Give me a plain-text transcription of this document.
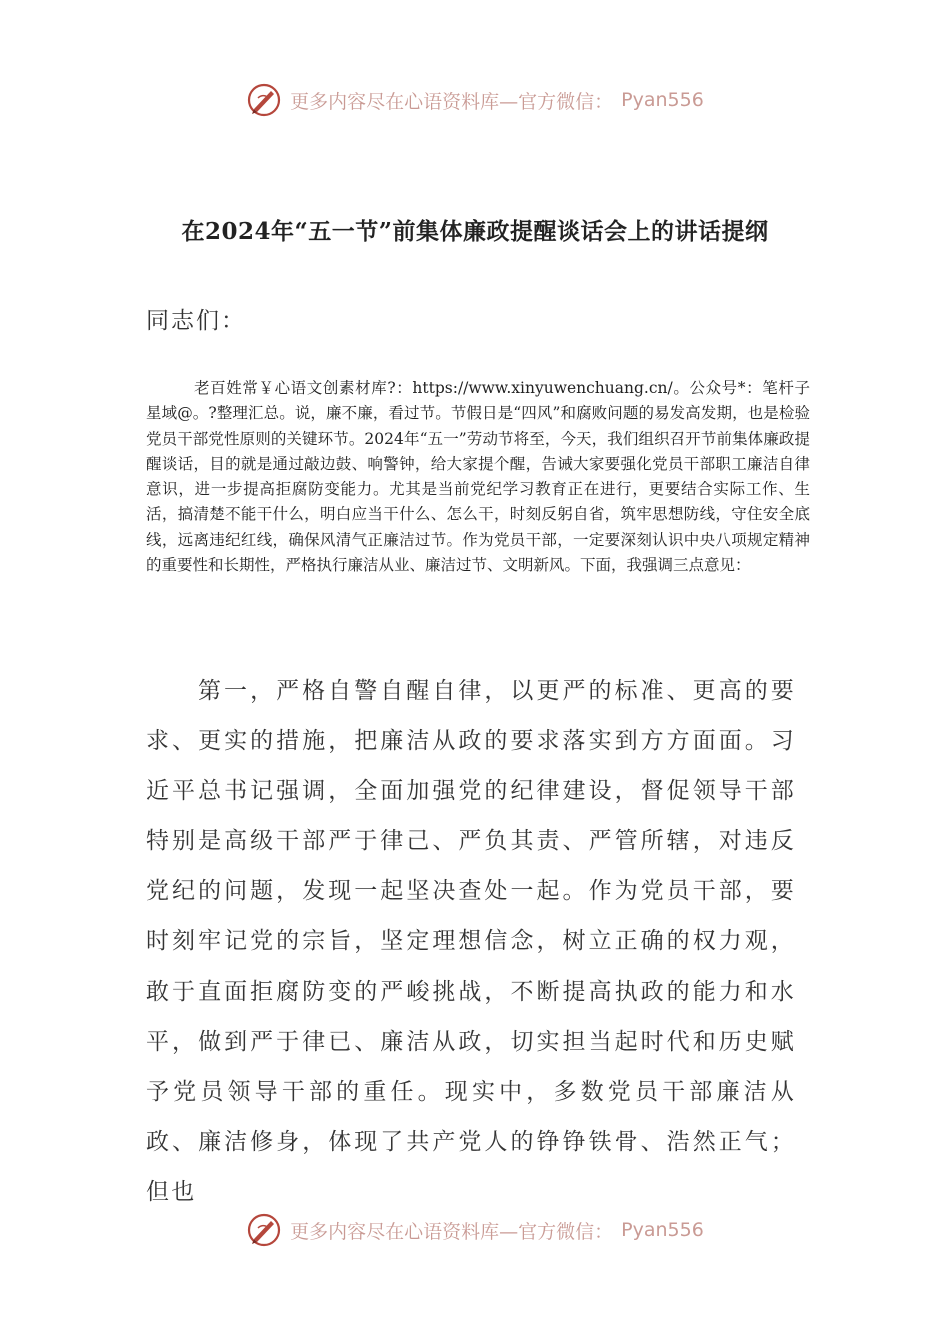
更多内容尽在心语资料库—官方微信： Pyan556
在2024年“五一节”前集体廉政提醒谈话会上的讲话提纲
同志们：
老百姓常￥心语文创素材库?：https://www.xinyuwenchuang.cn/。公众号*：笔杆子星域@。?整理汇总。说，廉不廉，看过节。节假日是“四风”和腐败问题的易发高发期，也是检验党员干部党性原则的关键环节。2024年“五一”劳动节将至，今天，我们组织召开节前集体廉政提醒谈话，目的就是通过敲边鼓、响警钟，给大家提个醒，告诫大家要强化党员干部职工廉洁自律意识，进一步提高拒腐防变能力。尤其是当前党纪学习教育正在进行，更要结合实际工作、生活，搞清楚不能干什么，明白应当干什么、怎么干，时刻反躬自省，筑牢思想防线，守住安全底线，远离违纪红线，确保风清气正廉洁过节。作为党员干部，一定要深刻认识中央八项规定精神的重要性和长期性，严格执行廉洁从业、廉洁过节、文明新风。下面，我强调三点意见：
第一，严格自警自醒自律，以更严的标准、更高的要求、更实的措施，把廉洁从政的要求落实到方方面面。习近平总书记强调，全面加强党的纪律建设，督促领导干部特别是高级干部严于律己、严负其责、严管所辖，对违反党纪的问题，发现一起坚决查处一起。作为党员干部，要时刻牢记党的宗旨，坚定理想信念，树立正确的权力观，敢于直面拒腐防变的严峻挑战，不断提高执政的能力和水平，做到严于律已、廉洁从政，切实担当起时代和历史赋予党员领导干部的重任。现实中，多数党员干部廉洁从政、廉洁修身，体现了共产党人的铮铮铁骨、浩然正气；但也
更多内容尽在心语资料库—官方微信： Pyan556
